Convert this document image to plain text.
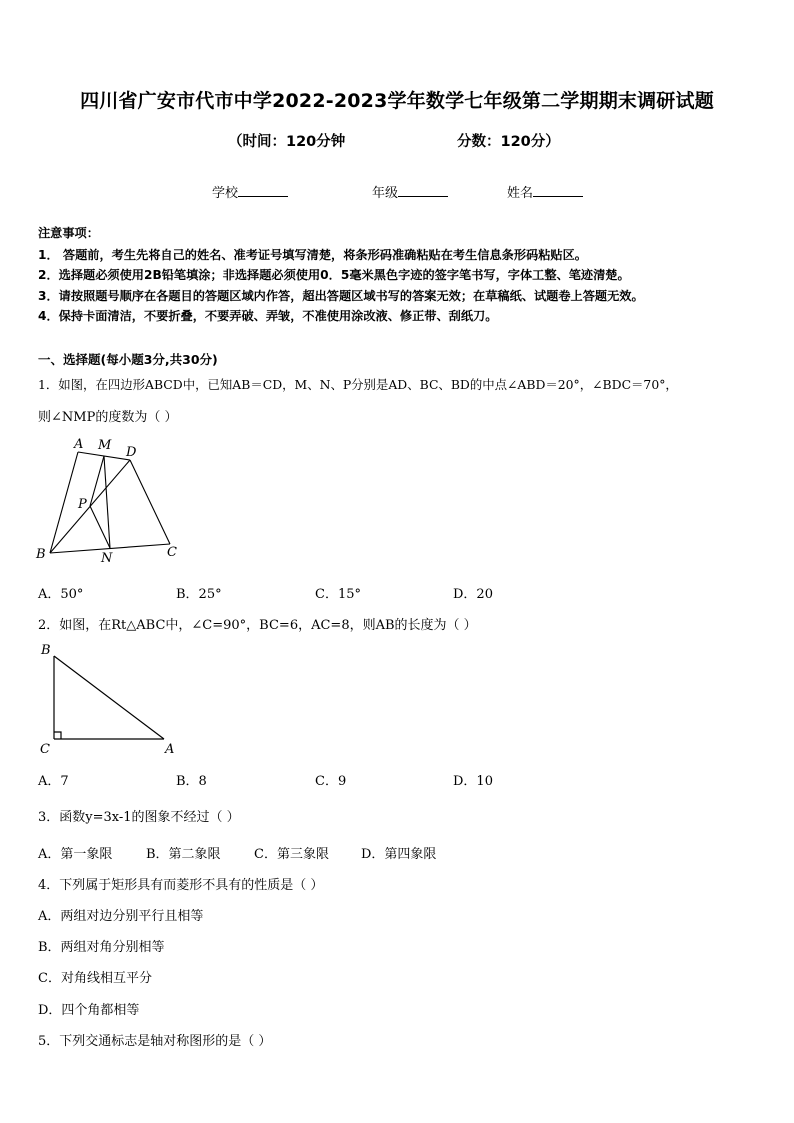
四川省广安市代市中学2022-2023学年数学七年级第二学期期末调研试题
（时间：120分钟	分数：120分）
学校	年级	姓名
注意事项：
1． 答题前，考生先将自己的姓名、准考证号填写清楚，将条形码准确粘贴在考生信息条形码粘贴区。
2．选择题必须使用2B铅笔填涂；非选择题必须使用0．5毫米黑色字迹的签字笔书写，字体工整、笔迹清楚。
3．请按照题号顺序在各题目的答题区域内作答，超出答题区域书写的答案无效；在草稿纸、试题卷上答题无效。
4．保持卡面清洁，不要折叠，不要弄破、弄皱，不准使用涂改液、修正带、刮纸刀。
一、选择题(每小题3分,共30分)
1．如图，在四边形ABCD中，已知AB＝CD，M、N、P分别是AD、BC、BD的中点∠ABD＝20°，∠BDC＝70°，
则∠NMP的度数为（ ）
A M D
P
B	N	C
A．50°	B．25°	C．15°	D．20
2．如图，在Rt△ABC中，∠C=90°，BC=6，AC=8，则AB的长度为（ ）
B
C	A
A．7	B．8	C．9	D．10
3．函数y=3x-1的图象不经过（ ）
A．第一象限	B．第二象限	C．第三象限 D．第四象限
4．下列属于矩形具有而菱形不具有的性质是（ ）
A．两组对边分别平行且相等
B．两组对角分别相等
C．对角线相互平分
D．四个角都相等
5．下列交通标志是轴对称图形的是（ ）
